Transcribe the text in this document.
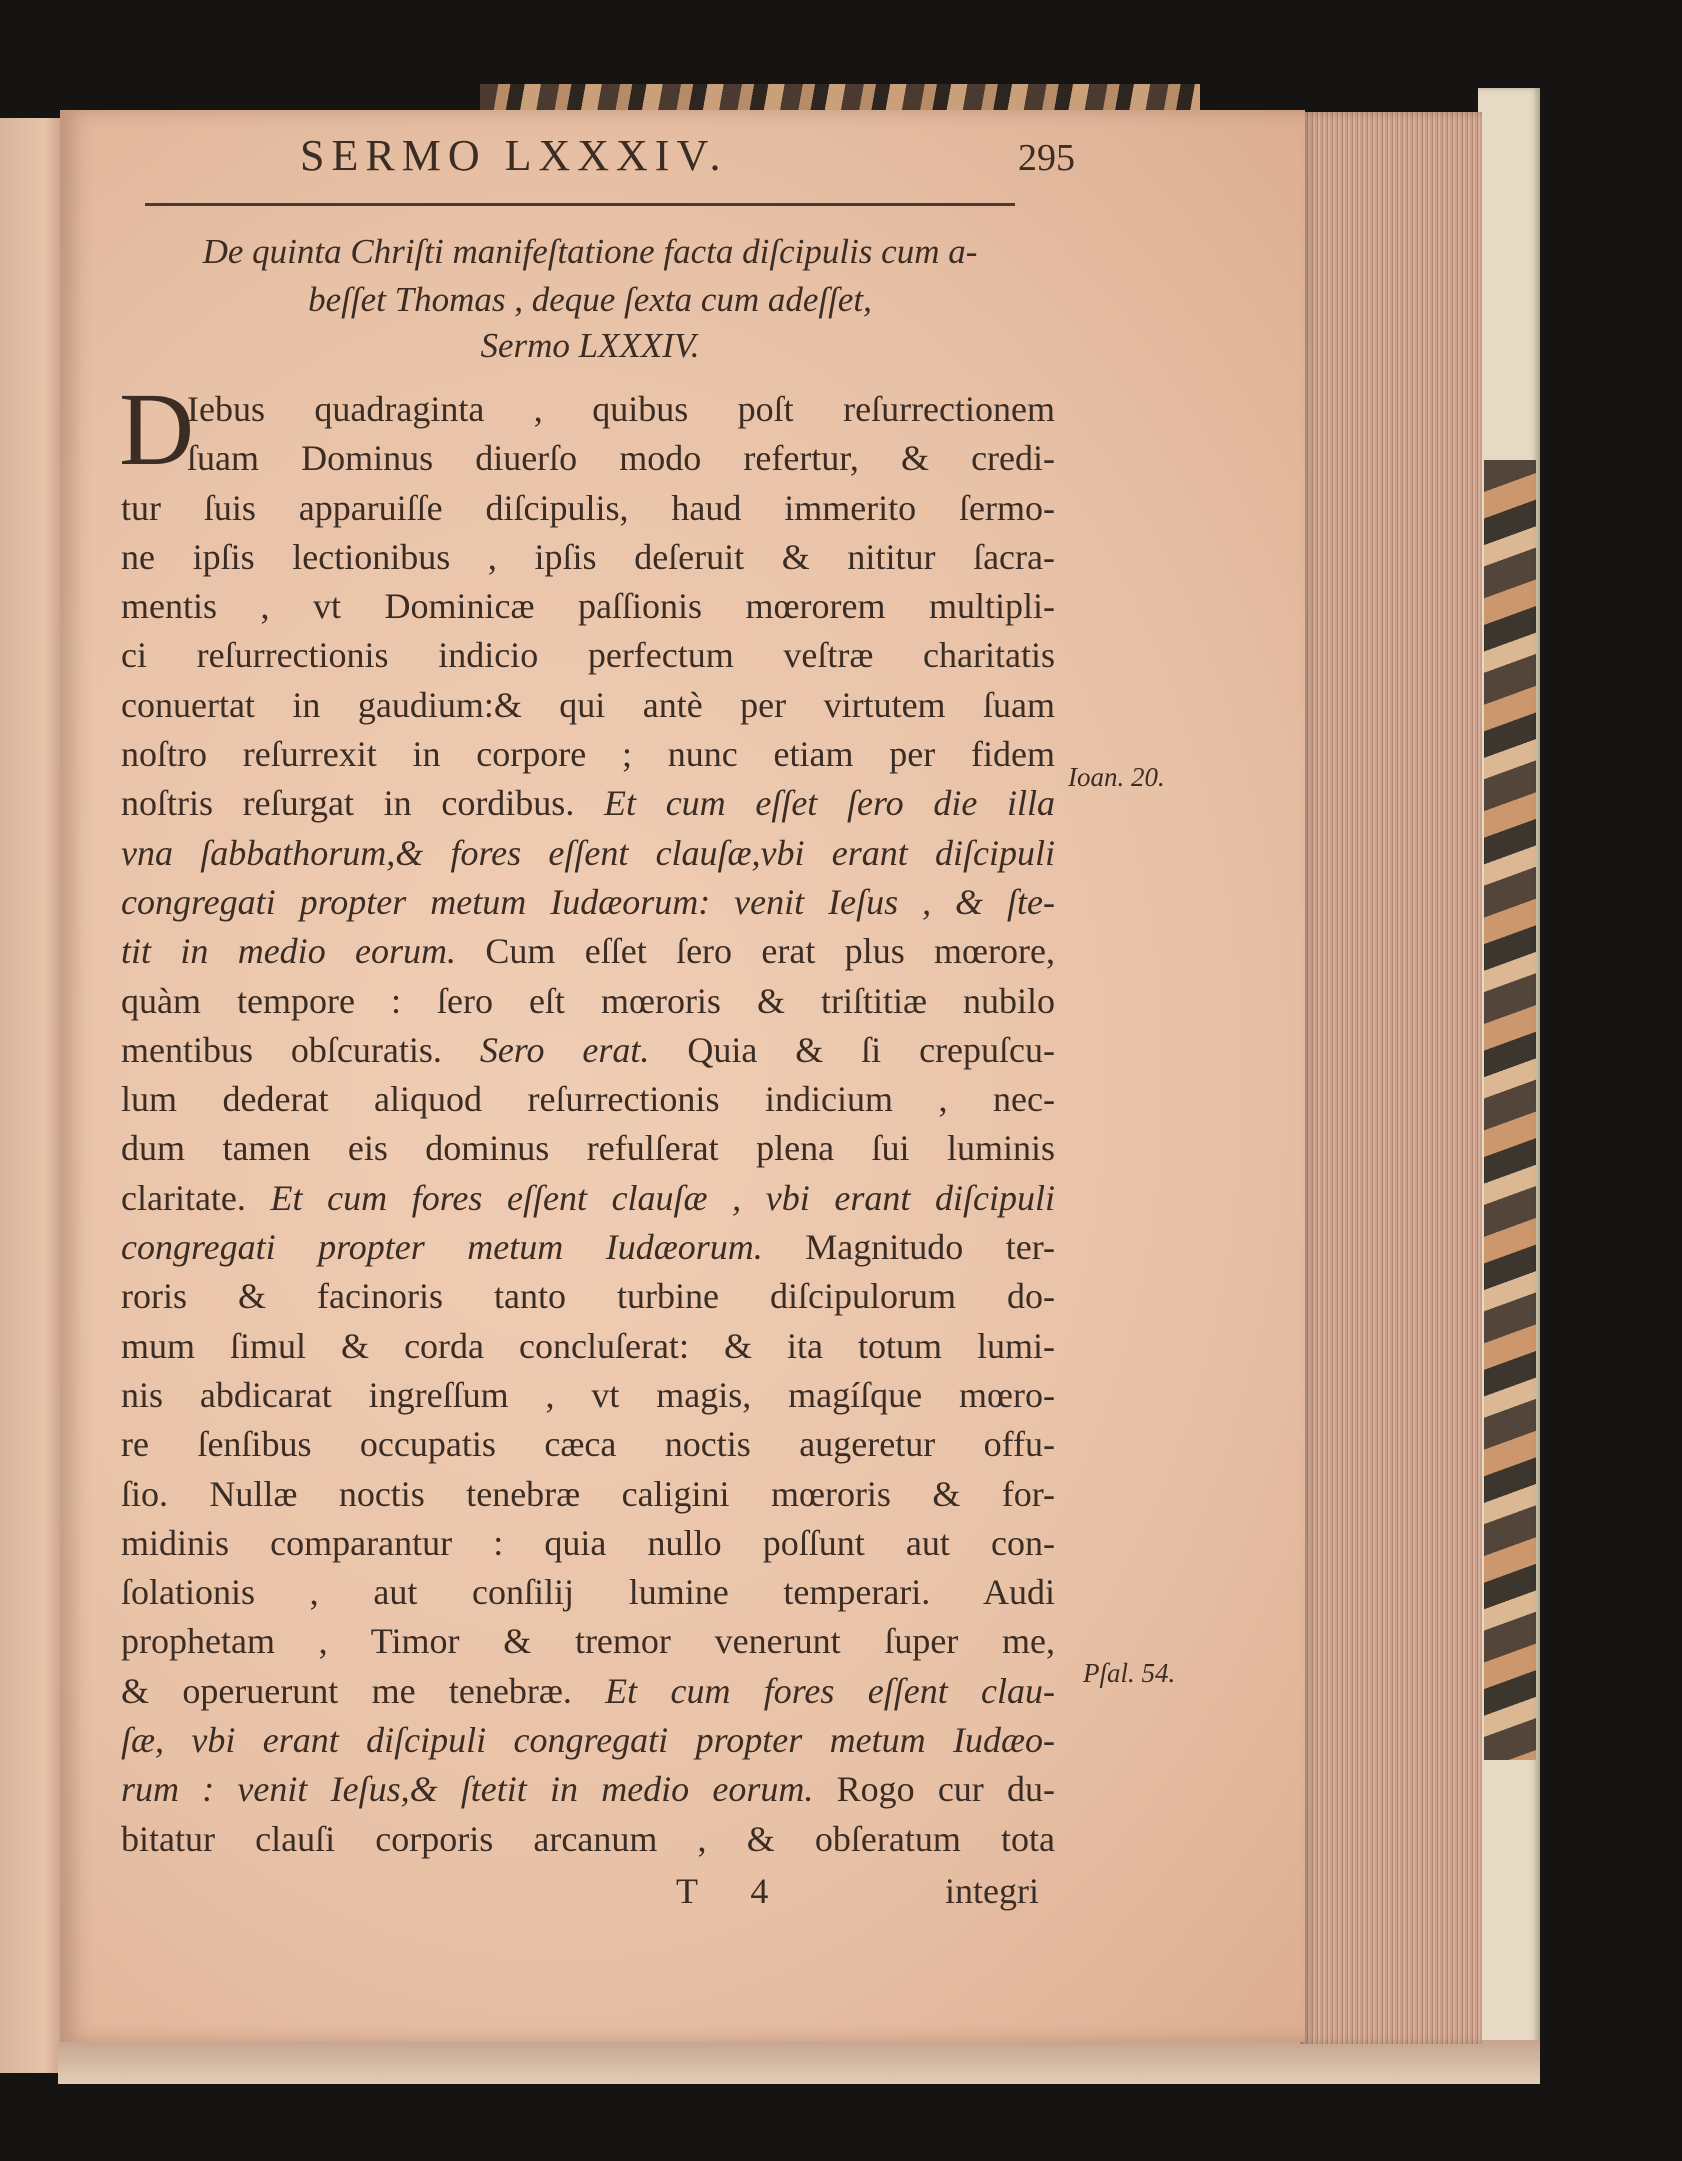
SERMO LXXXIV.	295
De quinta Chriſti manifeſtatione facta diſcipulis cum a-
beſſet Thomas , deque ſexta cum adeſſet,
Sermo LXXXIV.
D
Iebus quadraginta , quibus poſt reſurrectionem
ſuam Dominus diuerſo modo refertur, & credi-
tur ſuis apparuiſſe diſcipulis, haud immerito ſermo-
ne ipſis lectionibus , ipſis deſeruit & nititur ſacra-
mentis , vt Dominicæ paſſionis mœrorem multipli-
ci reſurrectionis indicio perfectum veſtræ charitatis
conuertat in gaudium:& qui antè per virtutem ſuam
noſtro reſurrexit in corpore ; nunc etiam per fidem
noſtris reſurgat in cordibus. Et cum eſſet ſero die illa
vna ſabbathorum,& fores eſſent clauſæ,vbi erant diſcipuli
congregati propter metum Iudæorum: venit Ieſus , & ſte-
tit in medio eorum. Cum eſſet ſero erat plus mœrore,
quàm tempore : ſero eſt mœroris & triſtitiæ nubilo
mentibus obſcuratis. Sero erat. Quia & ſi crepuſcu-
lum dederat aliquod reſurrectionis indicium , nec-
dum tamen eis dominus refulſerat plena ſui luminis
claritate. Et cum fores eſſent clauſæ , vbi erant diſcipuli
congregati propter metum Iudæorum. Magnitudo ter-
roris & facinoris tanto turbine diſcipulorum do-
mum ſimul & corda concluſerat: & ita totum lumi-
nis abdicarat ingreſſum , vt magis, magíſque mœro-
re ſenſibus occupatis cæca noctis augeretur offu-
ſio. Nullæ noctis tenebræ caligini mœroris & for-
midinis comparantur : quia nullo poſſunt aut con-
ſolationis , aut conſilij lumine temperari. Audi
prophetam , Timor & tremor venerunt ſuper me,
& operuerunt me tenebræ. Et cum fores eſſent clau-
ſæ, vbi erant diſcipuli congregati propter metum Iudæo-
rum : venit Ieſus,& ſtetit in medio eorum. Rogo cur du-
bitatur clauſi corporis arcanum , & obſeratum tota
Ioan. 20.
Pſal. 54.
T 4	integri
